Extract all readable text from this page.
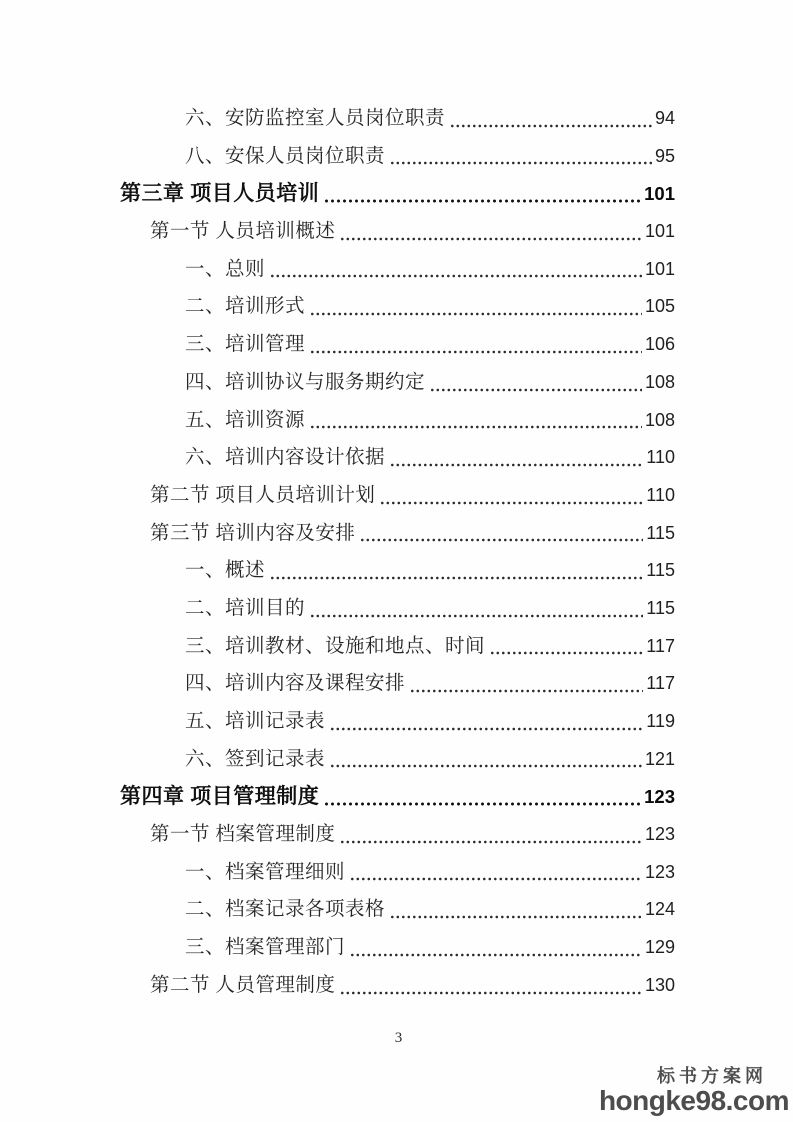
六、安防监控室人员岗位职责	94
八、安保人员岗位职责	95
第三章 项目人员培训	101
第一节 人员培训概述	101
一、总则	101
二、培训形式	105
三、培训管理	106
四、培训协议与服务期约定	108
五、培训资源	108
六、培训内容设计依据	110
第二节 项目人员培训计划	110
第三节 培训内容及安排	115
一、概述	115
二、培训目的	115
三、培训教材、设施和地点、时间	117
四、培训内容及课程安排	117
五、培训记录表	119
六、签到记录表	121
第四章 项目管理制度	123
第一节 档案管理制度	123
一、档案管理细则	123
二、档案记录各项表格	124
三、档案管理部门	129
第二节 人员管理制度	130
3
标书方案网
hongke98.com
